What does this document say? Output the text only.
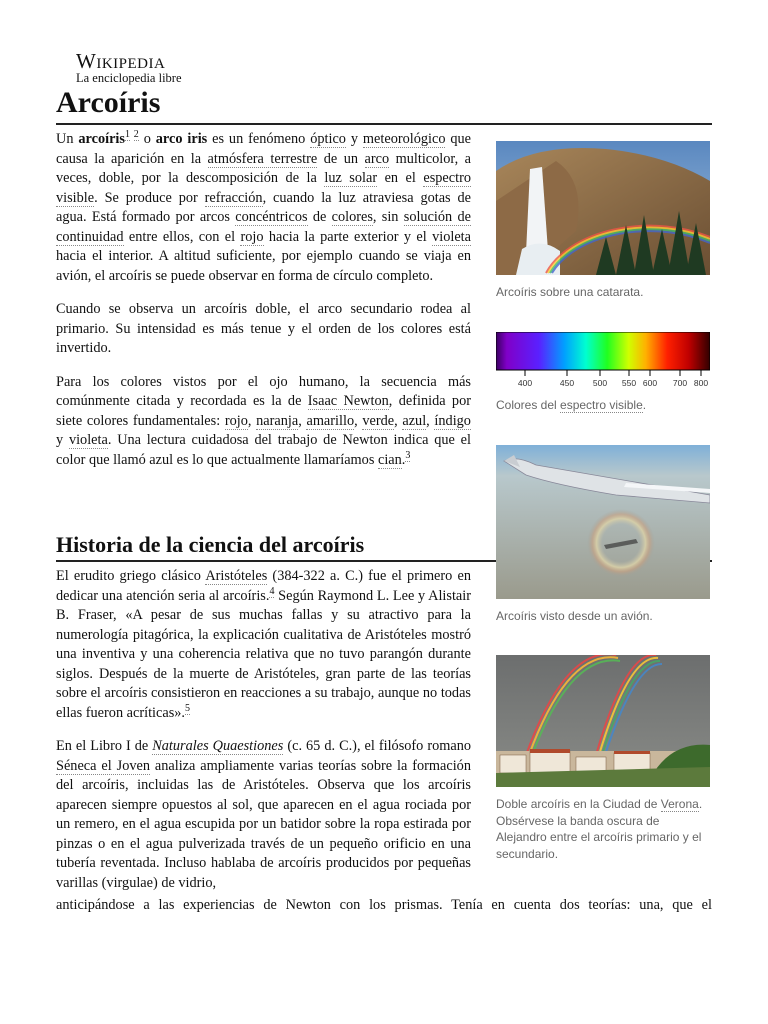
Wikipedia
La enciclopedia libre
Arcoíris

Un arcoíris$^{1 2}$ o arco iris es un fenómeno óptico y meteorológico que causa la aparición en la atmósfera terrestre de un arco multicolor, a veces, doble, por la descomposición de la luz solar en el espectro visible. Se produce por refracción, cuando la luz atraviesa gotas de agua. Está formado por arcos concéntricos de colores, sin solución de continuidad entre ellos, con el rojo hacia la parte exterior y el violeta hacia el interior. A altitud suficiente, por ejemplo cuando se viaja en avión, el arcoíris se puede observar en forma de círculo completo.

Cuando se observa un arcoíris doble, el arco secundario rodea al primario. Su intensidad es más tenue y el orden de los colores está invertido.

Para los colores vistos por el ojo humano, la secuencia más comúnmente citada y recordada es la de Isaac Newton, definida por siete colores fundamentales: rojo, naranja, amarillo, verde, azul, índigo y violeta. Una lectura cuidadosa del trabajo de Newton indica que el color que llamó azul es lo que actualmente llamaríamos cian.$^3$

Historia de la ciencia del arcoíris

El erudito griego clásico Aristóteles (384-322 a. C.) fue el primero en dedicar una atención seria al arcoíris.$^4$ Según Raymond L. Lee y Alistair B. Fraser, «A pesar de sus muchas fallas y su atractivo para la numerología pitagórica, la explicación cualitativa de Aristóteles mostró una inventiva y una coherencia relativa que no tuvo parangón durante siglos. Después de la muerte de Aristóteles, gran parte de las teorías sobre el arcoíris consistieron en reacciones a su trabajo, aunque no todas ellas fueron acríticas».$^5$

En el Libro I de Naturales Quaestiones (c. 65 d. C.), el filósofo romano Séneca el Joven analiza ampliamente varias teorías sobre la formación del arcoíris, incluidas las de Aristóteles. Observa que los arcoíris aparecen siempre opuestos al sol, que aparecen en el agua rociada por un remero, en el agua escupida por un batidor sobre la ropa estirada por pinzas o en el agua pulverizada través de un pequeño orificio en una tubería reventada. Incluso hablaba de arcoíris producidos por pequeñas varillas (virgulae) de vidrio,

anticipándose a las experiencias de Newton con los prismas. Tenía en cuenta dos teorías: una, que el
Arcoíris sobre una catarata.
400	450 500 550 600 700 800
Colores del espectro visible.
Arcoíris visto desde un avión.
Doble arcoíris en la Ciudad de Verona. Obsérvese la banda oscura de Alejandro entre el arcoíris primario y el secundario.
